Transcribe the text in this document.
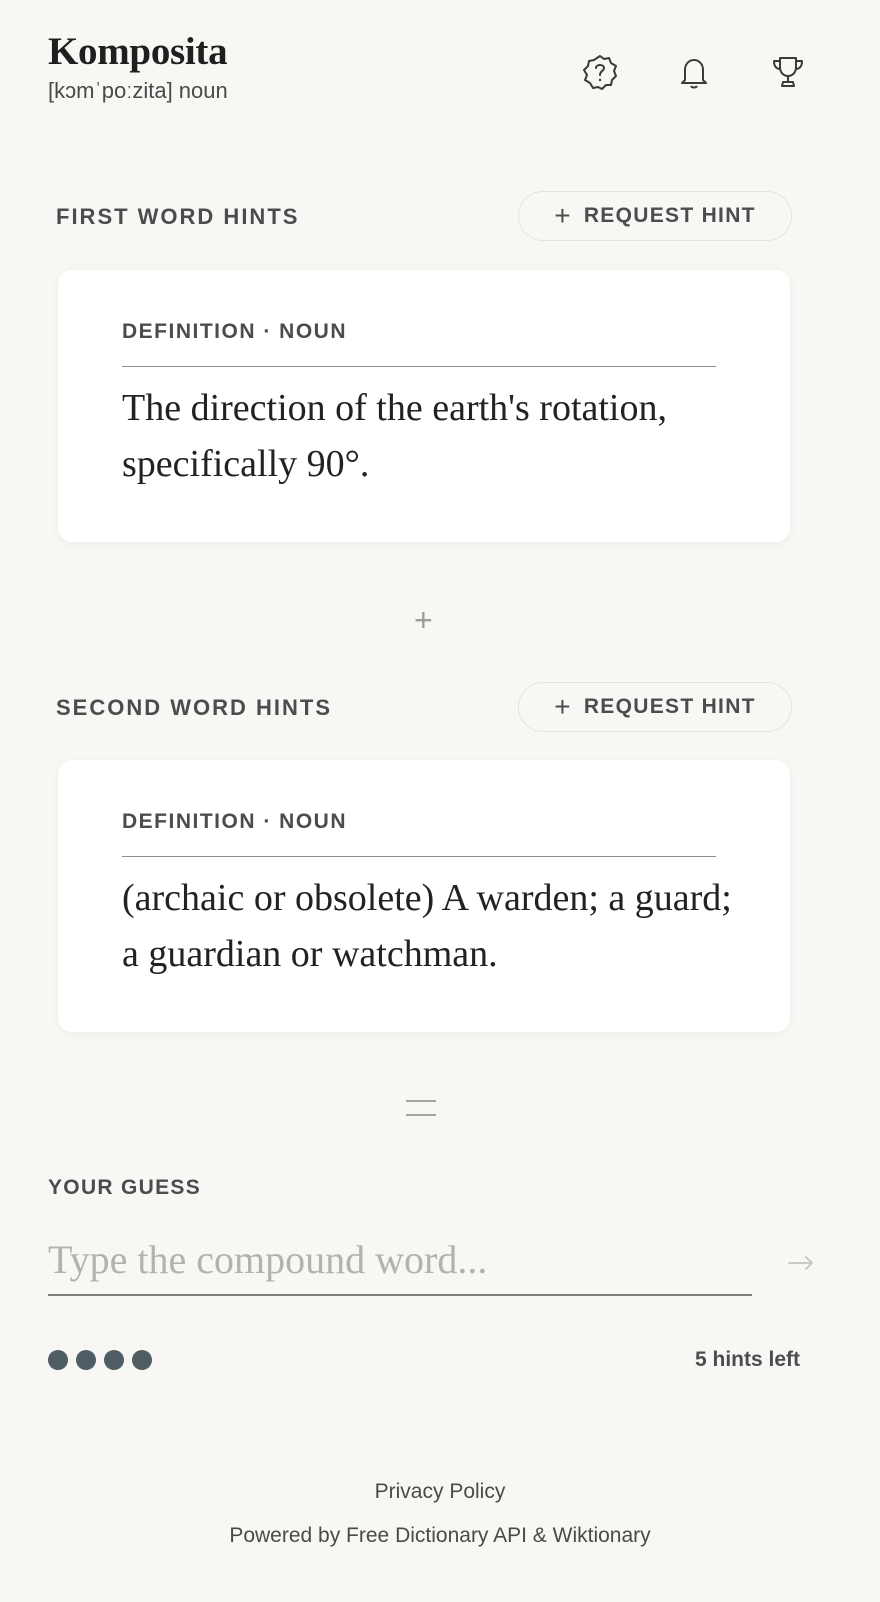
Komposita
[kɔmˈpoːzita] noun
FIRST WORD HINTS	+ REQUEST HINT
DEFINITION · NOUN
The direction of the earth's rotation, specifically 90°.
+
SECOND WORD HINTS	+ REQUEST HINT
DEFINITION · NOUN
(archaic or obsolete) A warden; a guard; a guardian or watchman.
YOUR GUESS
Type the compound word...
5 hints left
Privacy Policy
Powered by Free Dictionary API & Wiktionary
